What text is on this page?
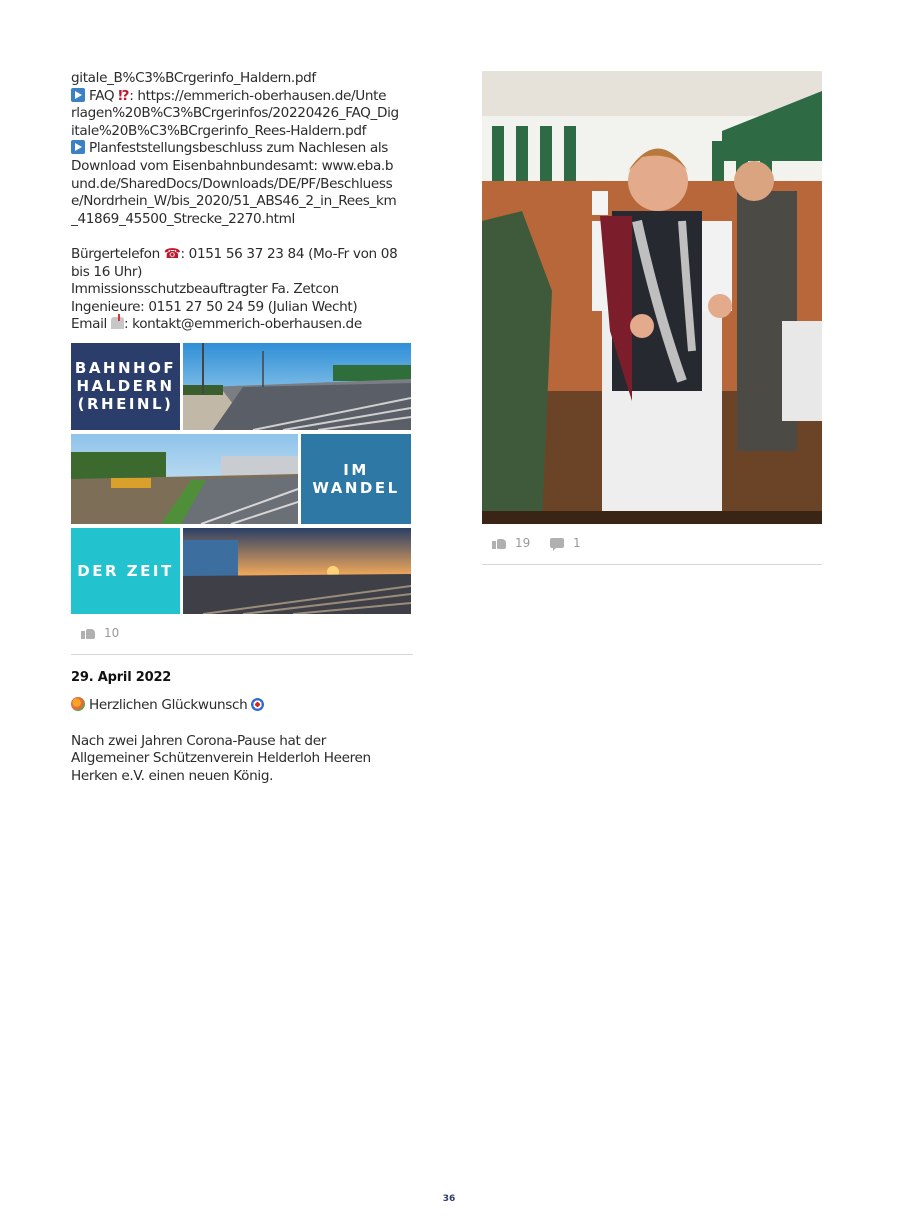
gitale_B%C3%BCrgerinfo_Haldern.pdf
FAQ ⁉: https://emmerich-oberhausen.de/Unte
rlagen%20B%C3%BCrgerinfos/20220426_FAQ_Dig
itale%20B%C3%BCrgerinfo_Rees-Haldern.pdf
Planfeststellungsbeschluss zum Nachlesen als
Download vom Eisenbahnbundesamt: www.eba.b
und.de/SharedDocs/Downloads/DE/PF/Beschluess
e/Nordrhein_W/bis_2020/51_ABS46_2_in_Rees_km
_41869_45500_Strecke_2270.html
Bürgertelefon ☎: 0151 56 37 23 84 (Mo-Fr von 08
bis 16 Uhr)
Immissionsschutzbeauftragter Fa. Zetcon
Ingenieure: 0151 27 50 24 59 (Julian Wecht)
Email : kontakt@emmerich-oberhausen.de
BAHNHOF
HALDERN
(RHEINL)
IM
WANDEL
DER ZEIT
10
29. April 2022
Herzlichen Glückwunsch
Nach zwei Jahren Corona-Pause hat der
Allgemeiner Schützenverein Helderloh Heeren
Herken e.V. einen neuen König.
19	1
36
